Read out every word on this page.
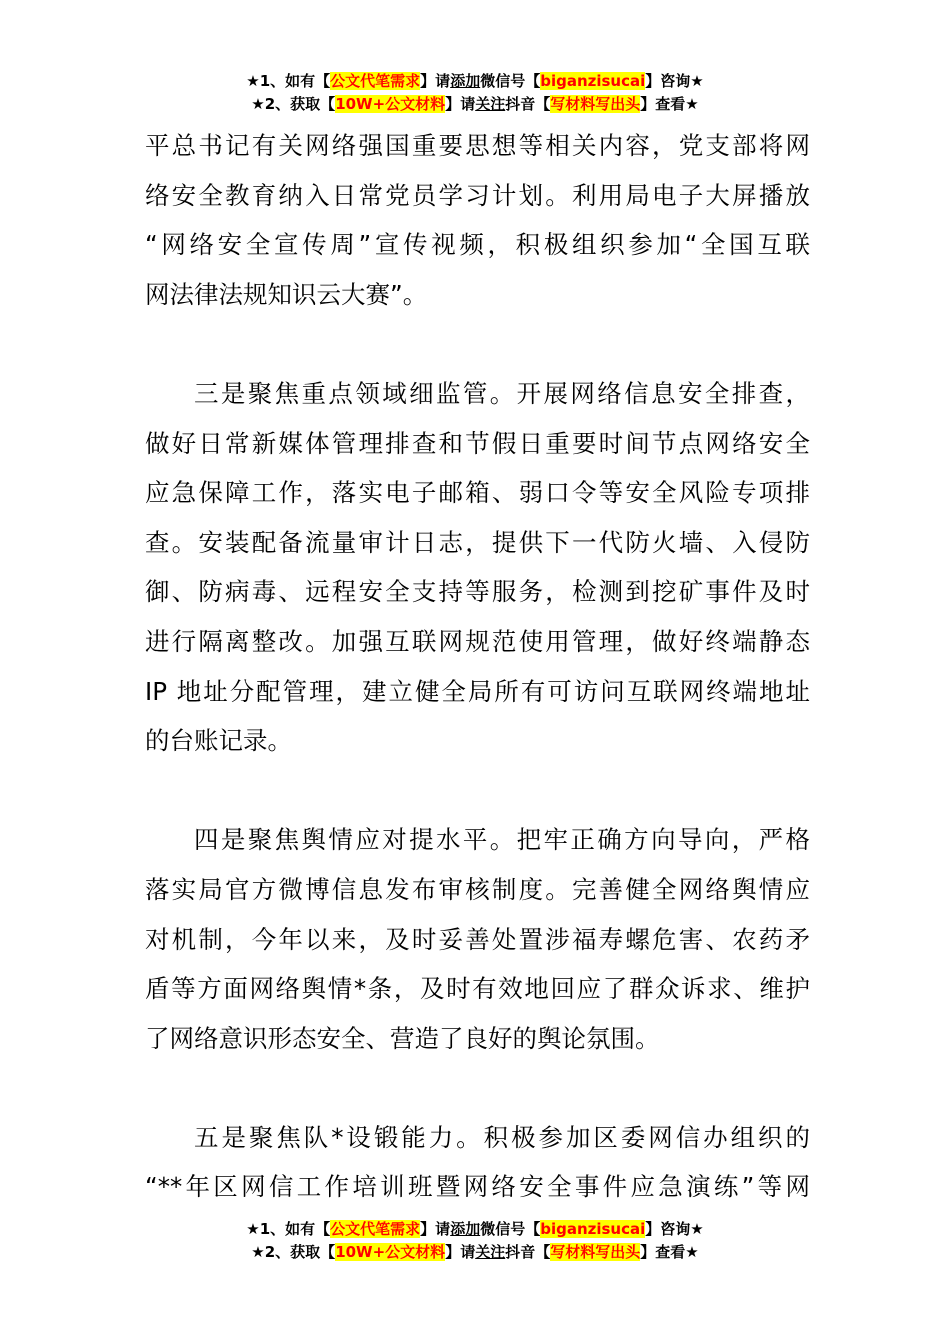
★1、如有【公文代笔需求】请添加微信号【biganzisucai】咨询★
★2、获取【10W+公文材料】请关注抖音【写材料写出头】查看★
平总书记有关网络强国重要思想等相关内容，党支部将网
络安全教育纳入日常党员学习计划。利用局电子大屏播放
“网络安全宣传周”宣传视频，积极组织参加“全国互联
网法律法规知识云大赛”。
三是聚焦重点领域细监管。开展网络信息安全排查，
做好日常新媒体管理排查和节假日重要时间节点网络安全
应急保障工作，落实电子邮箱、弱口令等安全风险专项排
查。安装配备流量审计日志，提供下一代防火墙、入侵防
御、防病毒、远程安全支持等服务，检测到挖矿事件及时
进行隔离整改。加强互联网规范使用管理，做好终端静态
IP 地址分配管理，建立健全局所有可访问互联网终端地址
的台账记录。
四是聚焦舆情应对提水平。把牢正确方向导向，严格
落实局官方微博信息发布审核制度。完善健全网络舆情应
对机制，今年以来，及时妥善处置涉福寿螺危害、农药矛
盾等方面网络舆情*条，及时有效地回应了群众诉求、维护
了网络意识形态安全、营造了良好的舆论氛围。
五是聚焦队*设锻能力。积极参加区委网信办组织的
“**年区网信工作培训班暨网络安全事件应急演练”等网
★1、如有【公文代笔需求】请添加微信号【biganzisucai】咨询★
★2、获取【10W+公文材料】请关注抖音【写材料写出头】查看★
